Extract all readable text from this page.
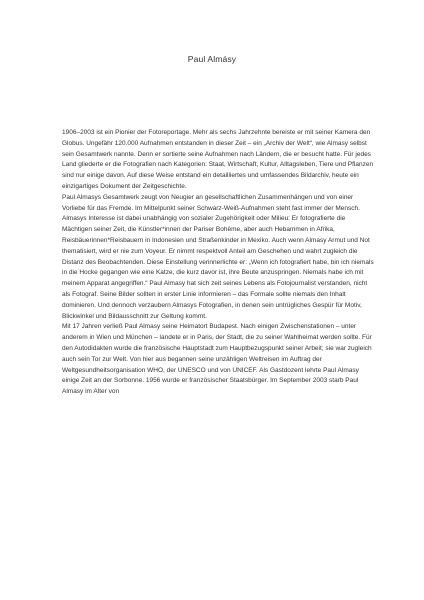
Paul Almásy

1906–2003 ist ein Pionier der Fotoreportage. Mehr als sechs Jahrzehnte bereiste er mit seiner Kamera den Globus. Ungefähr 120.000 Aufnahmen entstanden in dieser Zeit – ein „Archiv der Welt“, wie Almasy selbst sein Gesamtwerk nannte. Denn er sortierte seine Aufnahmen nach Ländern, die er besucht hatte. Für jedes Land gliederte er die Fotografien nach Kategorien: Staat, Wirtschaft, Kultur, Alltagsleben, Tiere und Pflanzen sind nur einige davon. Auf diese Weise entstand ein detailliertes und umfassendes Bildarchiv, heute ein einzigartiges Dokument der Zeitgeschichte.

Paul Almasys Gesamtwerk zeugt von Neugier an gesellschaftlichen Zusammenhängen und von einer Vorliebe für das Fremde. Im Mittelpunkt seiner Schwarz-Weiß-Aufnahmen steht fast immer der Mensch. Almasys Interesse ist dabei unabhängig von sozialer Zugehörigkeit oder Milieu: Er fotografierte die Mächtigen seiner Zeit, die Künstler*innen der Pariser Bohème, aber auch Hebammen in Afrika, Reisbäuerinnen*Reisbauern in Indonesien und Straßenkinder in Mexiko. Auch wenn Almasy Armut und Not thematisiert, wird er nie zum Voyeur. Er nimmt respektvoll Anteil am Geschehen und wahrt zugleich die Distanz des Beobachtenden. Diese Einstellung verinnerlichte er: „Wenn ich fotografiert habe, bin ich niemals in die Hocke gegangen wie eine Katze, die kurz davor ist, ihre Beute anzuspringen. Niemals habe ich mit meinem Apparat angegriffen.“ Paul Almasy hat sich zeit seines Lebens als Fotojournalist verstanden, nicht als Fotograf. Seine Bilder sollten in erster Linie informieren – das Formale sollte niemals den Inhalt dominieren. Und dennoch verzaubern Almasys Fotografien, in denen sein untrügliches Gespür für Motiv, Blickwinkel und Bildausschnitt zur Geltung kommt.

Mit 17 Jahren verließ Paul Almasy seine Heimatort Budapest. Nach einigen Zwischenstationen – unter anderem in Wien und München – landete er in Paris, der Stadt, die zu seiner Wahlheimat werden sollte. Für den Autodidakten wurde die französische Hauptstadt zum Hauptbezugspunkt seiner Arbeit; sie war zugleich auch sein Tor zur Welt. Von hier aus begannen seine unzähligen Weltreisen im Auftrag der Weltgesundheitsorganisation WHO, der UNESCO und von UNICEF. Als Gastdozent lehrte Paul Almasy einige Zeit an der Sorbonne. 1956 wurde er französischer Staatsbürger. Im September 2003 starb Paul Almasy im Alter von
